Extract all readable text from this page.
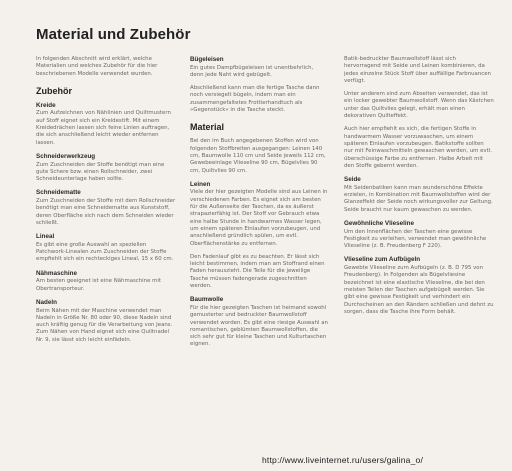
Material und Zubehör

In folgenden Abschnitt wird erklärt, welche Materialien und welches Zubehör für die hier beschriebenen Modelle verwendet wurden.

Zubehör
Kreide

Zum Aufzeichnen von Nählinien und Quiltmustern auf Stoff eignet sich ein Kreidestift. Mit einem Kreidedrächen lassen sich feine Linien auftragen, die sich anschließend leicht wieder entfernen lassen.

Schneiderwerkzeug

Zum Zuschneiden der Stoffe benötigt man eine gute Schere bzw. einen Rollschneider, zwei Schneideunterlage haben sollte.

Schneidematte

Zum Zuschneiden der Stoffe mit dem Rollschneider benötigt man eine Schneidematte aus Kunststoff, deren Oberfläche sich nach dem Schneiden wieder schließt.

Lineal

Es gibt eine große Auswahl an speziellen Patchwork-Linealen zum Zuschneiden der Stoffe empfiehlt sich ein rechteckiges Lineal, 15 x 60 cm.

Nähmaschine

Am besten geeignet ist eine Nähmaschine mit Obertransporteur.

Nadeln

Beim Nähen mit der Maschine verwendet man Nadeln in Größe Nr. 80 oder 90, diese Nadeln sind auch kräftig genug für die Verarbeitung von Jeans. Zum Nähen von Hand eignet sich eine Quiltnadel Nr. 9, sie lässt sich leicht einfädeln.

Bügeleisen

Ein gutes Dampfbügeleisen ist unentbehrlich, denn jede Naht wird gebügelt.

Abschließend kann man die fertige Tasche dann noch versiegelt bügeln, indem man ein zusammengefaltetes Frottierhandtuch als »Gegenstück« in die Tasche steckt.

Material

Bei den im Buch angegebenen Stoffen wird von folgenden Stoffbreiten ausgegangen: Leinen 140 cm, Baumwolle 110 cm und Seide jeweils 112 cm, Gewebeeinlage Vlieseline 90 cm, Bügelvlies 90 cm, Quiltvlies 90 cm.

Leinen

Viele der hier gezeigten Modelle sind aus Leinen in verschiedenen Farben. Es eignet sich am besten für die Außenseite der Taschen, da es äußerst strapazierfähig ist. Der Stoff vor Gebrauch etwa eine halbe Stunde in handwarmes Wasser legen, um einem späteren Einlaufen vorzubeugen, und anschließend gründlich spülen, um evtl. Oberflächenstärke zu entfernen.

Den Fadenlauf gibt es zu beachten. Er lässt sich leicht bestimmen, indem man am Stoffrand einen Faden herauszieht. Die Teile für die jeweilige Tasche müssen fadengerade zugeschnitten werden.

Baumwolle

Für die hier gezeigten Taschen ist heimand sowohl gemusterter und bedruckter Baumwollstoff verwendet worden. Es gibt eine riesige Auswahl an romantischen, geblümten Baumwollstoffen, die sich sehr gut für kleine Taschen und Kulturtaschen eignen.

Batik-bedruckter Baumwollstoff lässt sich hervorragend mit Seide und Leinen kombinieren, da jedes einzelne Stück Stoff über auffällige Farbnuancen verfügt.

Unter anderem sind zum Abseiten verwendet, das ist ein locker gewebter Baumwollstoff. Wenn das Kästchen unter das Quiltvlies gelegt, erhält man einen dekorativen Quilteffekt.

Auch hier empfiehlt es sich, die fertigen Stoffe in handwarmem Wasser vorzuwaschen, um einem späteren Einlaufen vorzubeugen. Batikstoffe sollten nur mit Feinwaschmitteln gewaschen werden, um evtl. überschüssige Farbe zu entfernen. Halbe Arbeit mit den Stoffe gebernt werden.

Seide

Mit Seidenbatiken kann man wunderschöne Effekte erzielen, in Kombination mit Baumwollstoffen wird der Glanzeffekt der Seide noch wirkungsvoller zur Geltung. Seide braucht nur kaum gewaschen zu werden.

Gewöhnliche Vlieseline

Um den Innenflächen der Taschen eine gewisse Festigkeit zu verleihen, verwendet man gewöhnliche Vlieseline (z. B. Freudenberg F 220).

Vlieseline zum Aufbügeln

Gewebte Vlieseline zum Aufbügeln (z. B. D 795 von Freudenberg). In Folgenden als Bügelvliesine bezeichnet ist eine elastische Vlieseline, die bei den meisten Teilen der Taschen aufgebügelt werden. Sie gibt eine gewisse Festigkeit und verhindert ein Durchscheinen an den Rändern schließen und dehnt zu sorgen, dass die Tasche ihre Form behält.

http://www.liveinternet.ru/users/galina_o/
